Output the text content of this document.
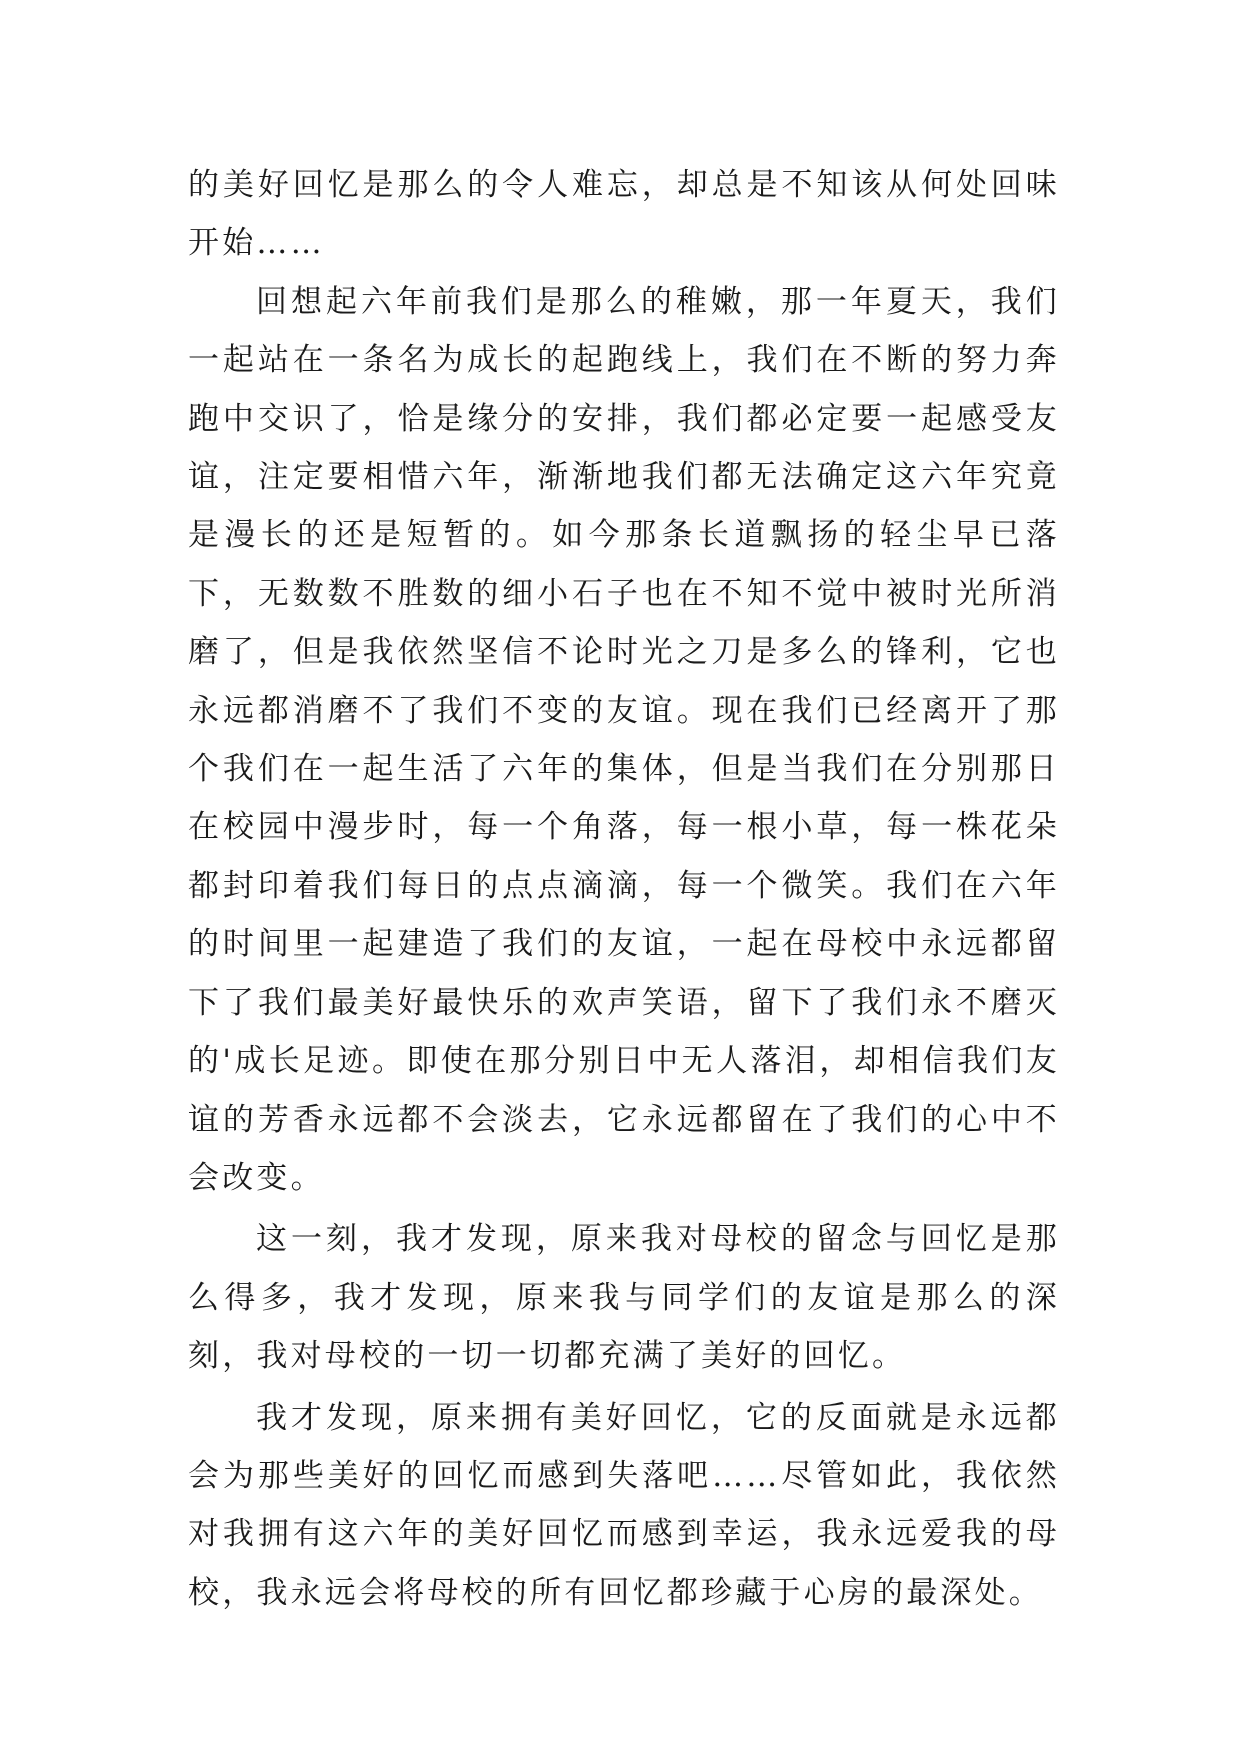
的美好回忆是那么的令人难忘，却总是不知该从何处回味开始……

回想起六年前我们是那么的稚嫩，那一年夏天，我们一起站在一条名为成长的起跑线上，我们在不断的努力奔跑中交识了，恰是缘分的安排，我们都必定要一起感受友谊，注定要相惜六年，渐渐地我们都无法确定这六年究竟是漫长的还是短暂的。如今那条长道飘扬的轻尘早已落下，无数数不胜数的细小石子也在不知不觉中被时光所消磨了，但是我依然坚信不论时光之刀是多么的锋利，它也永远都消磨不了我们不变的友谊。现在我们已经离开了那个我们在一起生活了六年的集体，但是当我们在分别那日在校园中漫步时，每一个角落，每一根小草，每一株花朵都封印着我们每日的点点滴滴，每一个微笑。我们在六年的时间里一起建造了我们的友谊，一起在母校中永远都留下了我们最美好最快乐的欢声笑语，留下了我们永不磨灭的'成长足迹。即使在那分别日中无人落泪，却相信我们友谊的芳香永远都不会淡去，它永远都留在了我们的心中不会改变。

这一刻，我才发现，原来我对母校的留念与回忆是那么得多，我才发现，原来我与同学们的友谊是那么的深刻，我对母校的一切一切都充满了美好的回忆。

我才发现，原来拥有美好回忆，它的反面就是永远都会为那些美好的回忆而感到失落吧……尽管如此，我依然对我拥有这六年的美好回忆而感到幸运，我永远爱我的母校，我永远会将母校的所有回忆都珍藏于心房的最深处。
